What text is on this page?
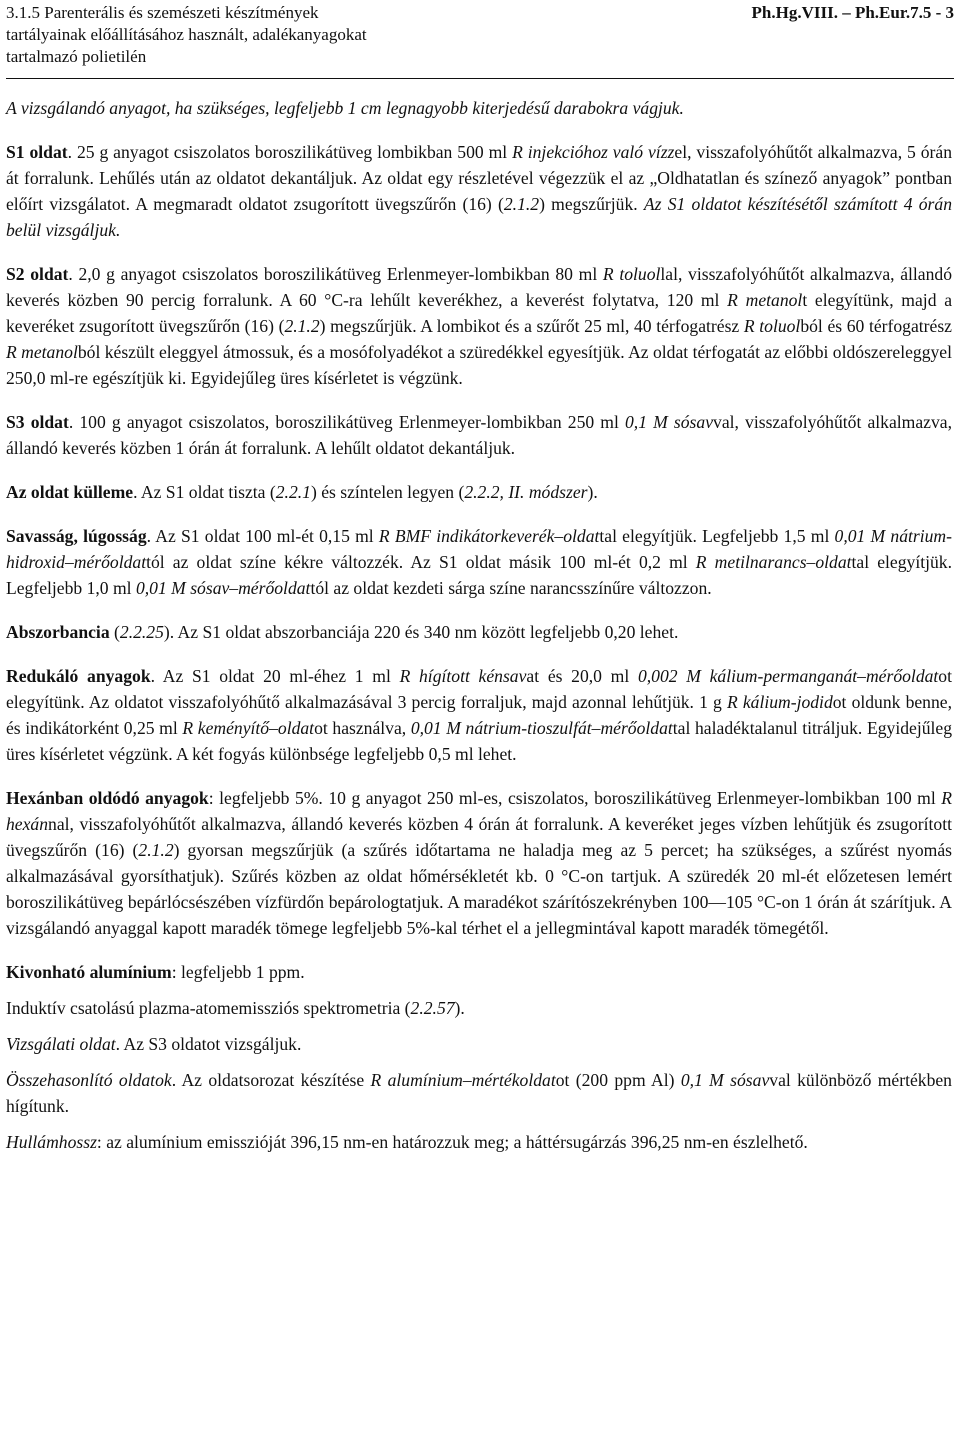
3.1.5 Parenterális és szemészeti készítmények
tartályainak előállításához használt, adalékanyagokat
tartalmazó polietilén
Ph.Hg.VIII. – Ph.Eur.7.5 - 3

A vizsgálandó anyagot, ha szükséges, legfeljebb 1 cm legnagyobb kiterjedésű darabokra vágjuk.

S1 oldat. 25 g anyagot csiszolatos boroszilikátüveg lombikban 500 ml R injekcióhoz való vízzel, visszafolyóhűtőt alkalmazva, 5 órán át forralunk. Lehűlés után az oldatot dekantáljuk. Az oldat egy részletével végezzük el az „Oldhatatlan és színező anyagok” pontban előírt vizsgálatot. A megmaradt oldatot zsugorított üvegszűrőn (16) (2.1.2) megszűrjük. Az S1 oldatot készítésétől számított 4 órán belül vizsgáljuk.

S2 oldat. 2,0 g anyagot csiszolatos boroszilikátüveg Erlenmeyer-lombikban 80 ml R toluollal, visszafolyóhűtőt alkalmazva, állandó keverés közben 90 percig forralunk. A 60 °C-ra lehűlt keverékhez, a keverést folytatva, 120 ml R metanolt elegyítünk, majd a keveréket zsugorított üvegszűrőn (16) (2.1.2) megszűrjük. A lombikot és a szűrőt 25 ml, 40 térfogatrész R toluolból és 60 térfogatrész R metanolból készült eleggyel átmossuk, és a mosófolyadékot a szüredékkel egyesítjük. Az oldat térfogatát az előbbi oldószereleggyel 250,0 ml-re egészítjük ki. Egyidejűleg üres kísérletet is végzünk.

S3 oldat. 100 g anyagot csiszolatos, boroszilikátüveg Erlenmeyer-lombikban 250 ml 0,1 M sósavval, visszafolyóhűtőt alkalmazva, állandó keverés közben 1 órán át forralunk. A lehűlt oldatot dekantáljuk.

Az oldat külleme. Az S1 oldat tiszta (2.2.1) és színtelen legyen (2.2.2, II. módszer).

Savasság, lúgosság. Az S1 oldat 100 ml-ét 0,15 ml R BMF indikátorkeverék–oldattal elegyítjük. Legfeljebb 1,5 ml 0,01 M nátrium-hidroxid–mérőoldattól az oldat színe kékre változzék. Az S1 oldat másik 100 ml-ét 0,2 ml R metilnarancs–oldattal elegyítjük. Legfeljebb 1,0 ml 0,01 M sósav–mérőoldattól az oldat kezdeti sárga színe narancsszínűre változzon.

Abszorbancia (2.2.25). Az S1 oldat abszorbanciája 220 és 340 nm között legfeljebb 0,20 lehet.

Redukáló anyagok. Az S1 oldat 20 ml-éhez 1 ml R hígított kénsavat és 20,0 ml 0,002 M kálium-permanganát–mérőoldatot elegyítünk. Az oldatot visszafolyóhűtő alkalmazásával 3 percig forraljuk, majd azonnal lehűtjük. 1 g R kálium-jodidot oldunk benne, és indikátorként 0,25 ml R keményítő–oldatot használva, 0,01 M nátrium-tioszulfát–mérőoldattal haladéktalanul titráljuk. Egyidejűleg üres kísérletet végzünk. A két fogyás különbsége legfeljebb 0,5 ml lehet.

Hexánban oldódó anyagok: legfeljebb 5%. 10 g anyagot 250 ml-es, csiszolatos, boroszilikátüveg Erlenmeyer-lombikban 100 ml R hexánnal, visszafolyóhűtőt alkalmazva, állandó keverés közben 4 órán át forralunk. A keveréket jeges vízben lehűtjük és zsugorított üvegszűrőn (16) (2.1.2) gyorsan megszűrjük (a szűrés időtartama ne haladja meg az 5 percet; ha szükséges, a szűrést nyomás alkalmazásával gyorsíthatjuk). Szűrés közben az oldat hőmérsékletét kb. 0 °C-on tartjuk. A szüredék 20 ml-ét előzetesen lemért boroszilikátüveg bepárlócsészében vízfürdőn bepárologtatjuk. A maradékot szárítószekrényben 100—105 °C-on 1 órán át szárítjuk. A vizsgálandó anyaggal kapott maradék tömege legfeljebb 5%-kal térhet el a jellegmintával kapott maradék tömegétől.

Kivonható alumínium: legfeljebb 1 ppm.

Induktív csatolású plazma-atomemissziós spektrometria (2.2.57).

Vizsgálati oldat. Az S3 oldatot vizsgáljuk.

Összehasonlító oldatok. Az oldatsorozat készítése R alumínium–mértékoldatot (200 ppm Al) 0,1 M sósavval különböző mértékben hígítunk.

Hullámhossz: az alumínium emisszióját 396,15 nm-en határozzuk meg; a háttérsugárzás 396,25 nm-en észlelhető.
